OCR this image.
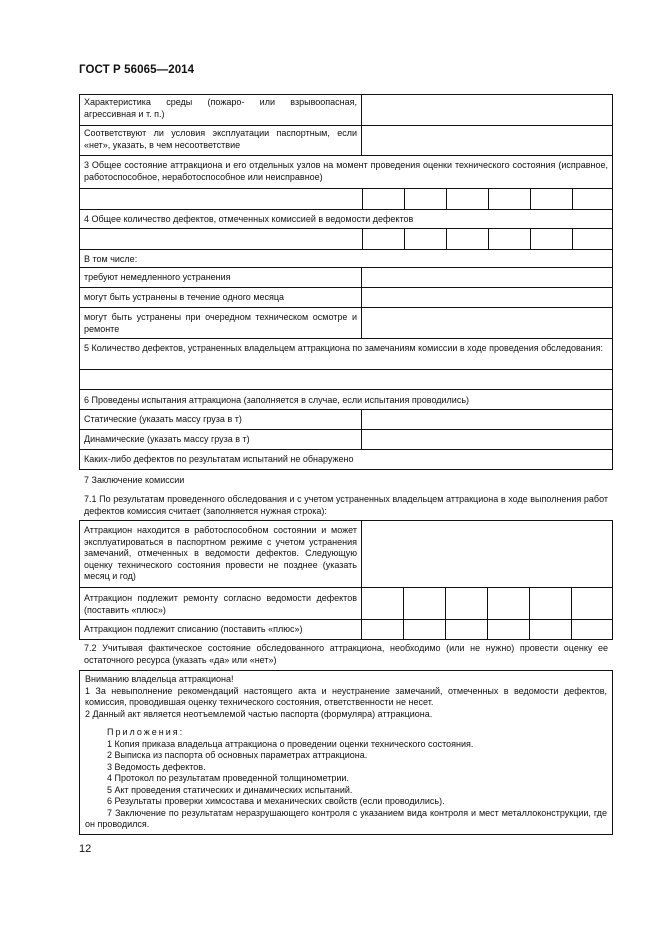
ГОСТ Р 56065—2014
Характеристика среды (пожаро- или взрывоопасная, агрессивная и т. п.)
Соответствуют ли условия эксплуатации паспортным, если «нет», указать, в чем несоответствие
3 Общее состояние аттракциона и его отдельных узлов на момент проведения оценки технического состояния (исправное, работоспособное, неработоспособное или неисправное)
4 Общее количество дефектов, отмеченных комиссией в ведомости дефектов
В том числе:
требуют немедленного устранения
могут быть устранены в течение одного месяца
могут быть устранены при очередном техническом осмотре и ремонте
5 Количество дефектов, устраненных владельцем аттракциона по замечаниям комиссии в ходе проведения обследования:
6 Проведены испытания аттракциона (заполняется в случае, если испытания проводились)
Статические (указать массу груза в т)
Динамические (указать массу груза в т)
Каких-либо дефектов по результатам испытаний не обнаружено
7 Заключение комиссии
7.1 По результатам проведенного обследования и с учетом устраненных владельцем аттракциона в ходе выполнения работ дефектов комиссия считает (заполняется нужная строка):
Аттракцион находится в работоспособном состоянии и может эксплуатироваться в паспортном режиме с учетом устранения замечаний, отмеченных в ведомости дефектов. Следующую оценку технического состояния провести не позднее (указать месяц и год)
Аттракцион подлежит ремонту согласно ведомости дефектов (поставить «плюс»)
Аттракцион подлежит списанию (поставить «плюс»)
7.2 Учитывая фактическое состояние обследованного аттракциона, необходимо (или не нужно) провести оценку ее остаточного ресурса (указать «да» или «нет»)

Вниманию владельца аттракциона!

1 За невыполнение рекомендаций настоящего акта и неустранение замечаний, отмеченных в ведомости дефектов, комиссия, проводившая оценку технического состояния, ответственности не несет.

2 Данный акт является неотъемлемой частью паспорта (формуляра) аттракциона.

Приложения:

1 Копия приказа владельца аттракциона о проведении оценки технического состояния.

2 Выписка из паспорта об основных параметрах аттракциона.

3 Ведомость дефектов.

4 Протокол по результатам проведенной толщинометрии.

5 Акт проведения статических и динамических испытаний.

6 Результаты проверки химсостава и механических свойств (если проводились).

7 Заключение по результатам неразрушающего контроля с указанием вида контроля и мест металлоконструкции, где он проводился.

12
